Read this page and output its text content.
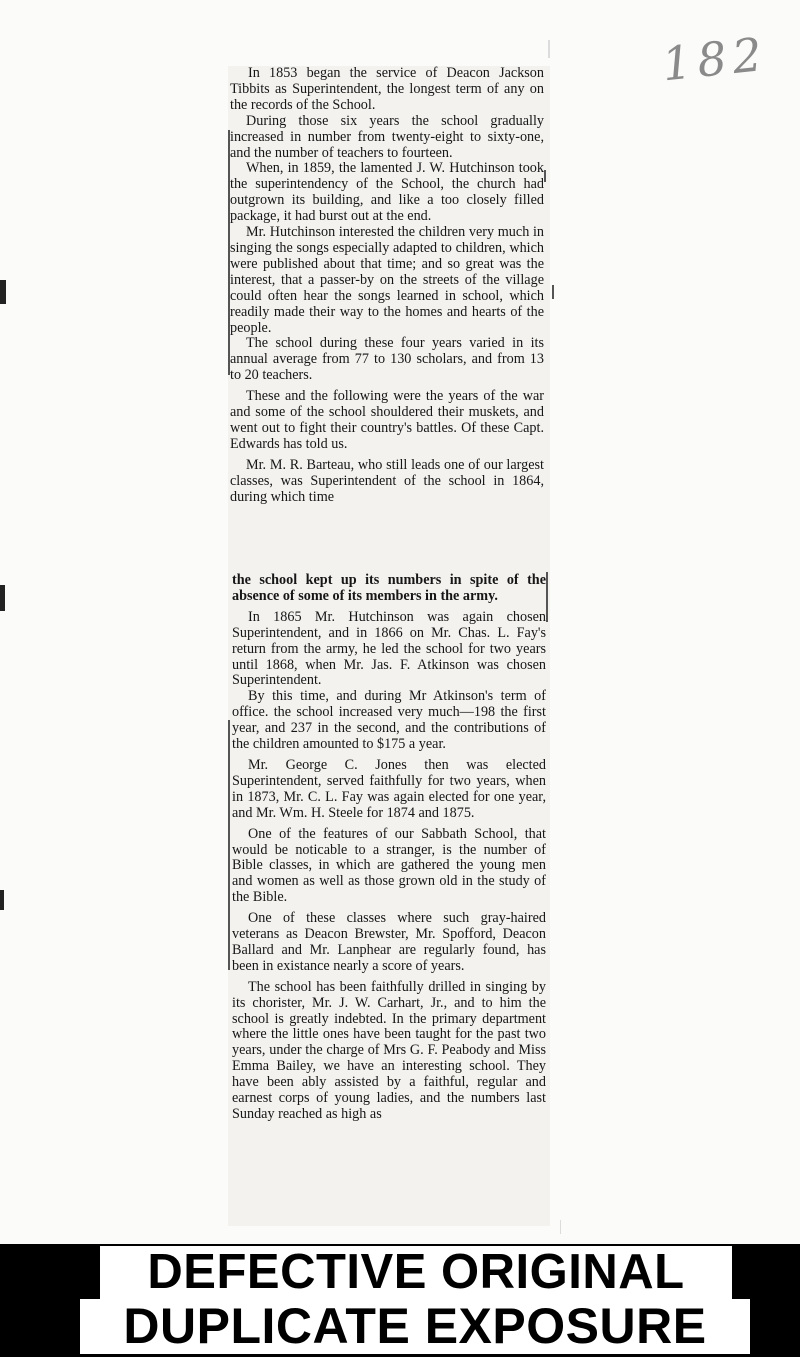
182

In 1853 began the service of Deacon Jackson Tibbits as Superintendent, the longest term of any on the records of the School.

During those six years the school gradually increased in number from twenty-eight to sixty-one, and the number of teachers to fourteen.

When, in 1859, the lamented J. W. Hutchinson took the superintendency of the School, the church had outgrown its building, and like a too closely filled package, it had burst out at the end.

Mr. Hutchinson interested the children very much in singing the songs especially adapted to children, which were published about that time; and so great was the interest, that a passer-by on the streets of the village could often hear the songs learned in school, which readily made their way to the homes and hearts of the people.

The school during these four years varied in its annual average from 77 to 130 scholars, and from 13 to 20 teachers.

These and the following were the years of the war and some of the school shouldered their muskets, and went out to fight their country's battles. Of these Capt. Edwards has told us.

Mr. M. R. Barteau, who still leads one of our largest classes, was Superintendent of the school in 1864, during which time

the school kept up its numbers in spite of the absence of some of its members in the army.

In 1865 Mr. Hutchinson was again chosen Superintendent, and in 1866 on Mr. Chas. L. Fay's return from the army, he led the school for two years until 1868, when Mr. Jas. F. Atkinson was chosen Superintendent.

By this time, and during Mr Atkinson's term of office. the school increased very much—198 the first year, and 237 in the second, and the contributions of the children amounted to $175 a year.

Mr. George C. Jones then was elected Superintendent, served faithfully for two years, when in 1873, Mr. C. L. Fay was again elected for one year, and Mr. Wm. H. Steele for 1874 and 1875.

One of the features of our Sabbath School, that would be noticable to a stranger, is the number of Bible classes, in which are gathered the young men and women as well as those grown old in the study of the Bible.

One of these classes where such gray-haired veterans as Deacon Brewster, Mr. Spofford, Deacon Ballard and Mr. Lanphear are regularly found, has been in existance nearly a score of years.

The school has been faithfully drilled in singing by its chorister, Mr. J. W. Carhart, Jr., and to him the school is greatly indebted. In the primary department where the little ones have been taught for the past two years, under the charge of Mrs G. F. Peabody and Miss Emma Bailey, we have an interesting school. They have been ably assisted by a faithful, regular and earnest corps of young ladies, and the numbers last Sunday reached as high as

DEFECTIVE ORIGINAL
DUPLICATE EXPOSURE
